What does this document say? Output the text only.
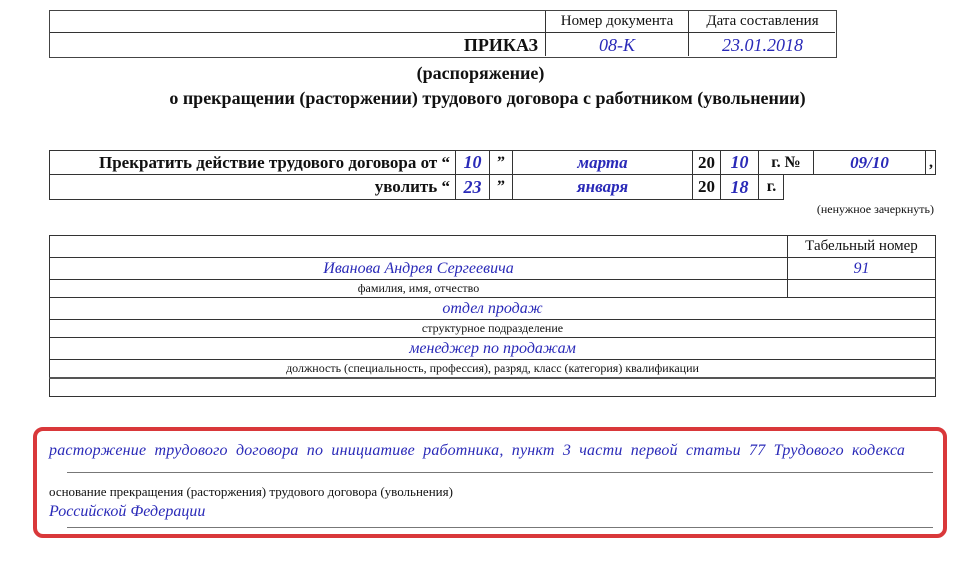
Номер документа	Дата составления
ПРИКАЗ	08-К	23.01.2018
(распоряжение)
о прекращении (расторжении) трудового договора с работником (увольнении)
Прекратить действие трудового договора от “ 10 ”	марта	20 10	г. №	09/10	,
уволить “ 23 ”	января	20 18	г.
(ненужное зачеркнуть)
Табельный номер
Иванова Андрея Сергеевича	91
фамилия, имя, отчество
отдел продаж
структурное подразделение
менеджер по продажам
должность (специальность, профессия), разряд, класс (категория) квалификации
расторжение трудового договора по инициативе работника, пункт 3 части первой статьи 77 Трудового кодекса
основание прекращения (расторжения) трудового договора (увольнения)
Российской Федерации
